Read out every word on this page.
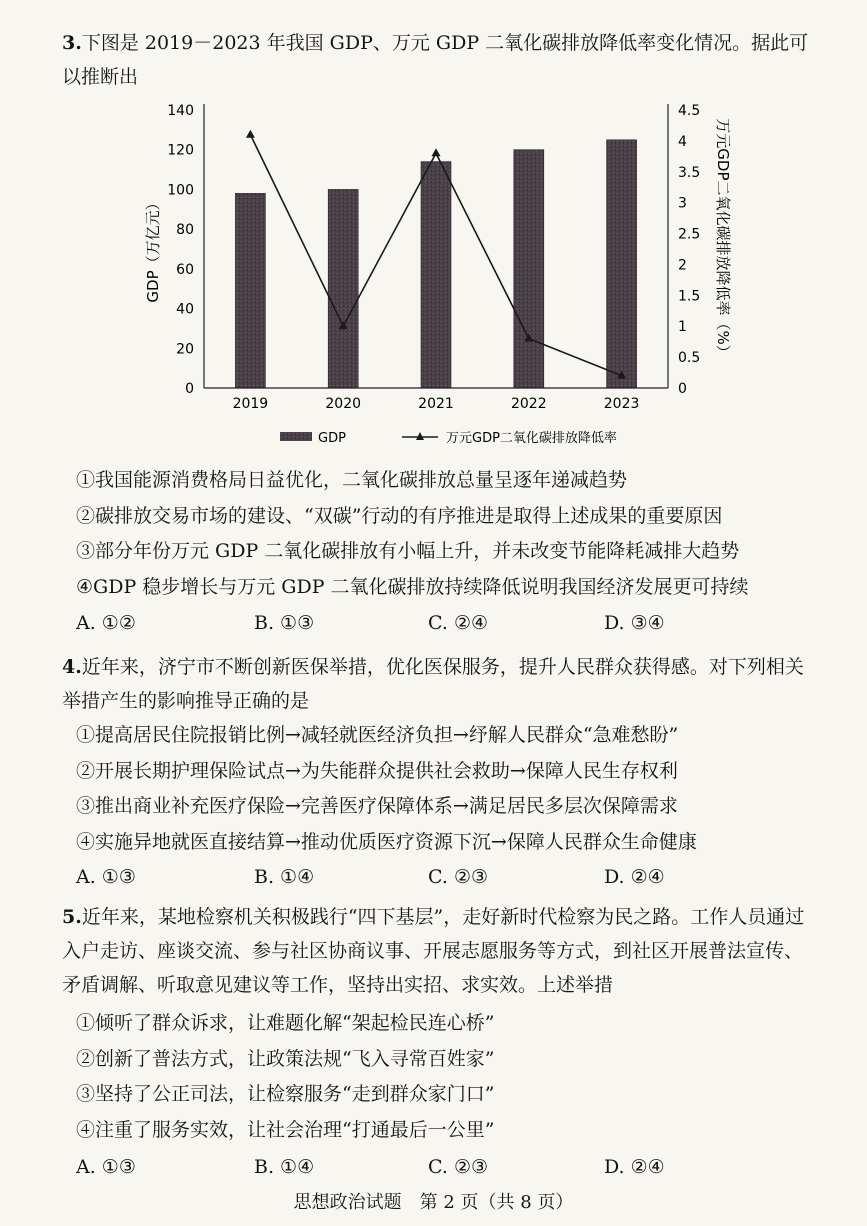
3.下图是 2019－2023 年我国 GDP、万元 GDP 二氧化碳排放降低率变化情况。据此可以推断出
0
20
40
60
80
100
120
140
0
0.5
1
1.5
2
2.5
3
3.5
4
4.5
2019	2020	2021	2022	2023
GDP（万亿元）	万元GDP二氧化碳排放降低率（%）
GDP	万元GDP二氧化碳排放降低率
①我国能源消费格局日益优化，二氧化碳排放总量呈逐年递减趋势
②碳排放交易市场的建设、“双碳”行动的有序推进是取得上述成果的重要原因
③部分年份万元 GDP 二氧化碳排放有小幅上升，并未改变节能降耗减排大趋势
④GDP 稳步增长与万元 GDP 二氧化碳排放持续降低说明我国经济发展更可持续
A. ①②	B. ①③	C. ②④	D. ③④
4.近年来，济宁市不断创新医保举措，优化医保服务，提升人民群众获得感。对下列相关举措产生的影响推导正确的是
①提高居民住院报销比例→减轻就医经济负担→纾解人民群众“急难愁盼”
②开展长期护理保险试点→为失能群众提供社会救助→保障人民生存权利
③推出商业补充医疗保险→完善医疗保障体系→满足居民多层次保障需求
④实施异地就医直接结算→推动优质医疗资源下沉→保障人民群众生命健康
A. ①③	B. ①④	C. ②③	D. ②④
5.近年来，某地检察机关积极践行“四下基层”，走好新时代检察为民之路。工作人员通过入户走访、座谈交流、参与社区协商议事、开展志愿服务等方式，到社区开展普法宣传、矛盾调解、听取意见建议等工作，坚持出实招、求实效。上述举措
①倾听了群众诉求，让难题化解“架起检民连心桥”
②创新了普法方式，让政策法规“飞入寻常百姓家”
③坚持了公正司法，让检察服务“走到群众家门口”
④注重了服务实效，让社会治理“打通最后一公里”
A. ①③	B. ①④	C. ②③	D. ②④
思想政治试题　第 2 页（共 8 页）
